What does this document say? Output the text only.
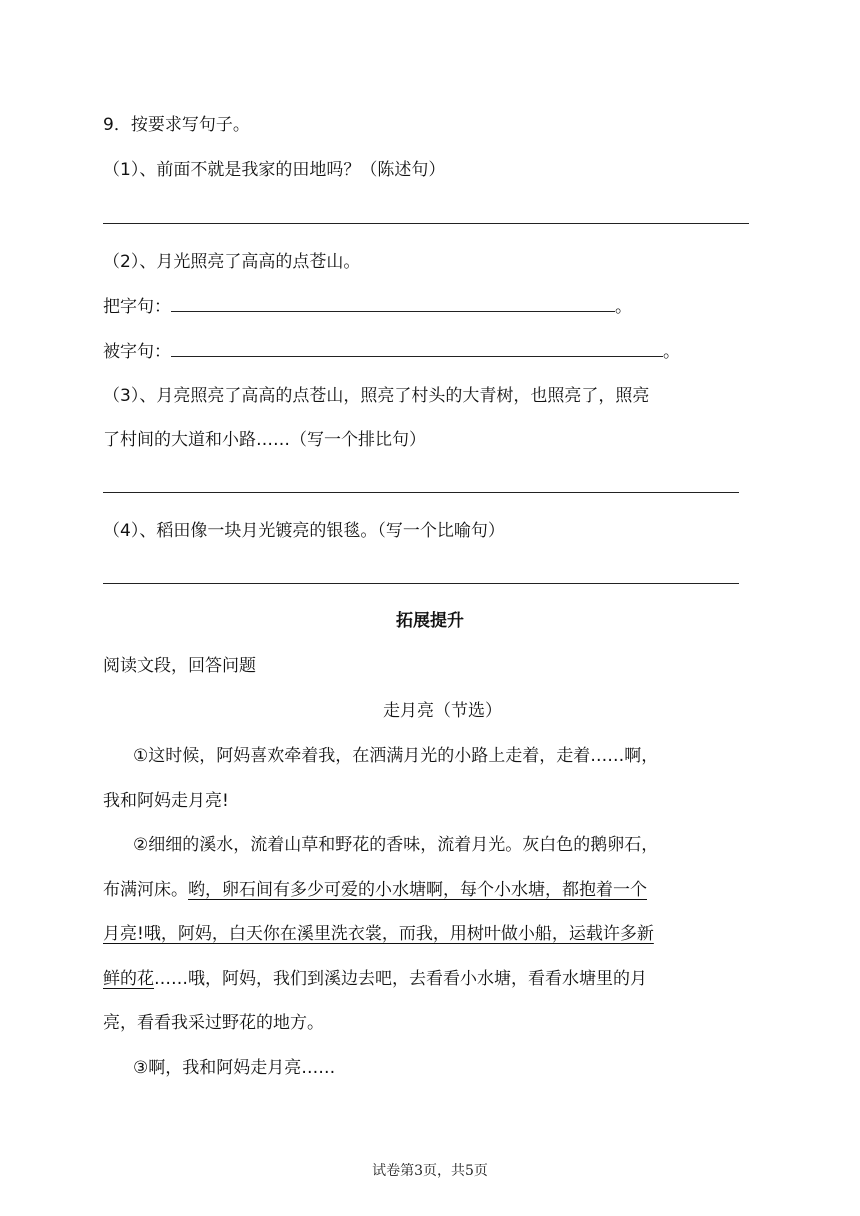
9．按要求写句子。
（1）、前面不就是我家的田地吗？（陈述句）
（2）、月光照亮了高高的点苍山。
把字句：	。
被字句：	。
（3）、月亮照亮了高高的点苍山，照亮了村头的大青树，也照亮了，照亮
了村间的大道和小路……（写一个排比句）
（4）、稻田像一块月光镀亮的银毯。（写一个比喻句）
拓展提升
阅读文段，回答问题
走月亮（节选）
①这时候，阿妈喜欢牵着我，在洒满月光的小路上走着，走着……啊，
我和阿妈走月亮!
②细细的溪水，流着山草和野花的香味，流着月光。灰白色的鹅卵石，
布满河床。哟，卵石间有多少可爱的小水塘啊，每个小水塘，都抱着一个
月亮!哦，阿妈，白天你在溪里洗衣裳，而我，用树叶做小船，运载许多新
鲜的花……哦，阿妈，我们到溪边去吧，去看看小水塘，看看水塘里的月
亮，看看我采过野花的地方。
③啊，我和阿妈走月亮……
试卷第3页，共5页
